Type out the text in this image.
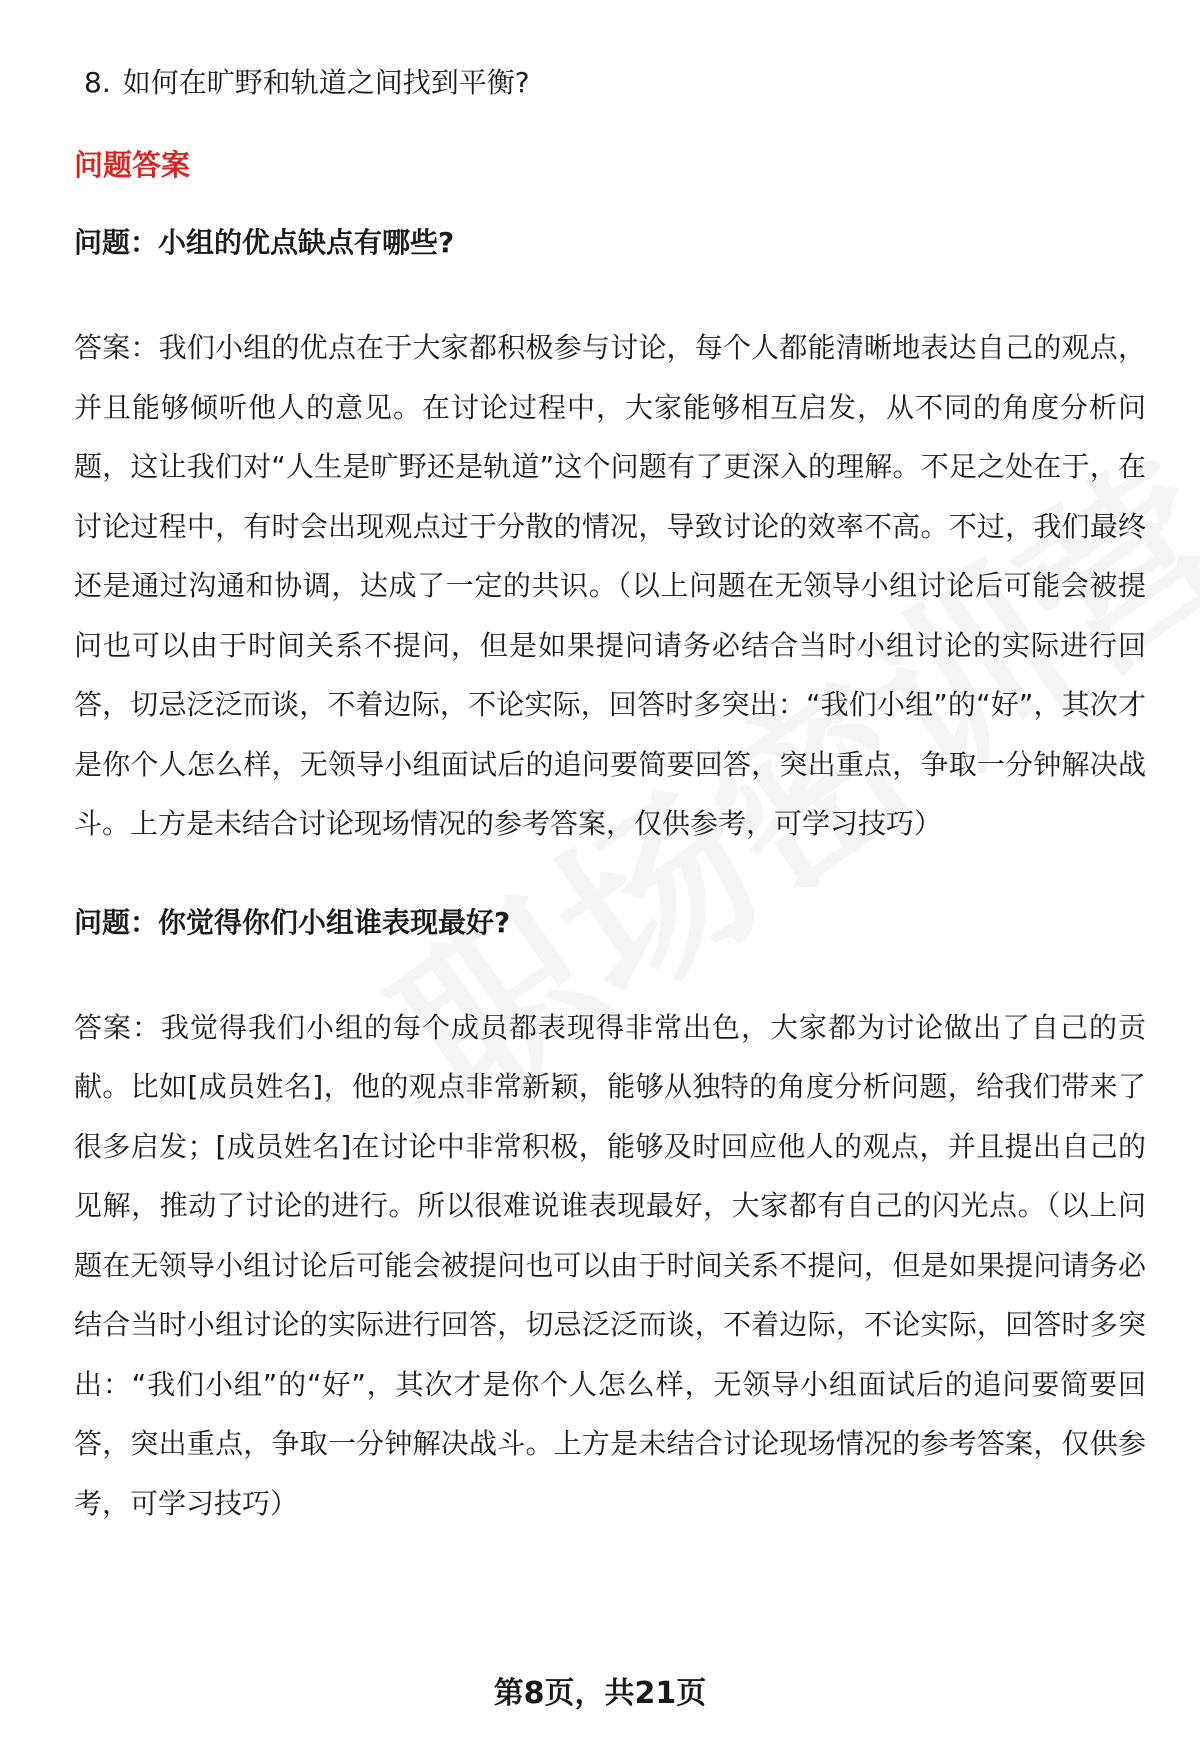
8. 如何在旷野和轨道之间找到平衡?
问题答案
问题：小组的优点缺点有哪些?
答案：我们小组的优点在于大家都积极参与讨论，每个人都能清晰地表达自己的观点，并且能够倾听他人的意见。在讨论过程中，大家能够相互启发，从不同的角度分析问题，这让我们对“人生是旷野还是轨道”这个问题有了更深入的理解。不足之处在于，在讨论过程中，有时会出现观点过于分散的情况，导致讨论的效率不高。不过，我们最终还是通过沟通和协调，达成了一定的共识。（以上问题在无领导小组讨论后可能会被提问也可以由于时间关系不提问，但是如果提问请务必结合当时小组讨论的实际进行回答，切忌泛泛而谈，不着边际，不论实际，回答时多突出：“我们小组”的“好”，其次才是你个人怎么样，无领导小组面试后的追问要简要回答，突出重点，争取一分钟解决战斗。上方是未结合讨论现场情况的参考答案，仅供参考，可学习技巧）
问题：你觉得你们小组谁表现最好?
答案：我觉得我们小组的每个成员都表现得非常出色，大家都为讨论做出了自己的贡献。比如[成员姓名]，他的观点非常新颖，能够从独特的角度分析问题，给我们带来了很多启发；[成员姓名]在讨论中非常积极，能够及时回应他人的观点，并且提出自己的见解，推动了讨论的进行。所以很难说谁表现最好，大家都有自己的闪光点。（以上问题在无领导小组讨论后可能会被提问也可以由于时间关系不提问，但是如果提问请务必结合当时小组讨论的实际进行回答，切忌泛泛而谈，不着边际，不论实际，回答时多突出：“我们小组”的“好”，其次才是你个人怎么样，无领导小组面试后的追问要简要回答，突出重点，争取一分钟解决战斗。上方是未结合讨论现场情况的参考答案，仅供参考，可学习技巧）
第8页，共21页
